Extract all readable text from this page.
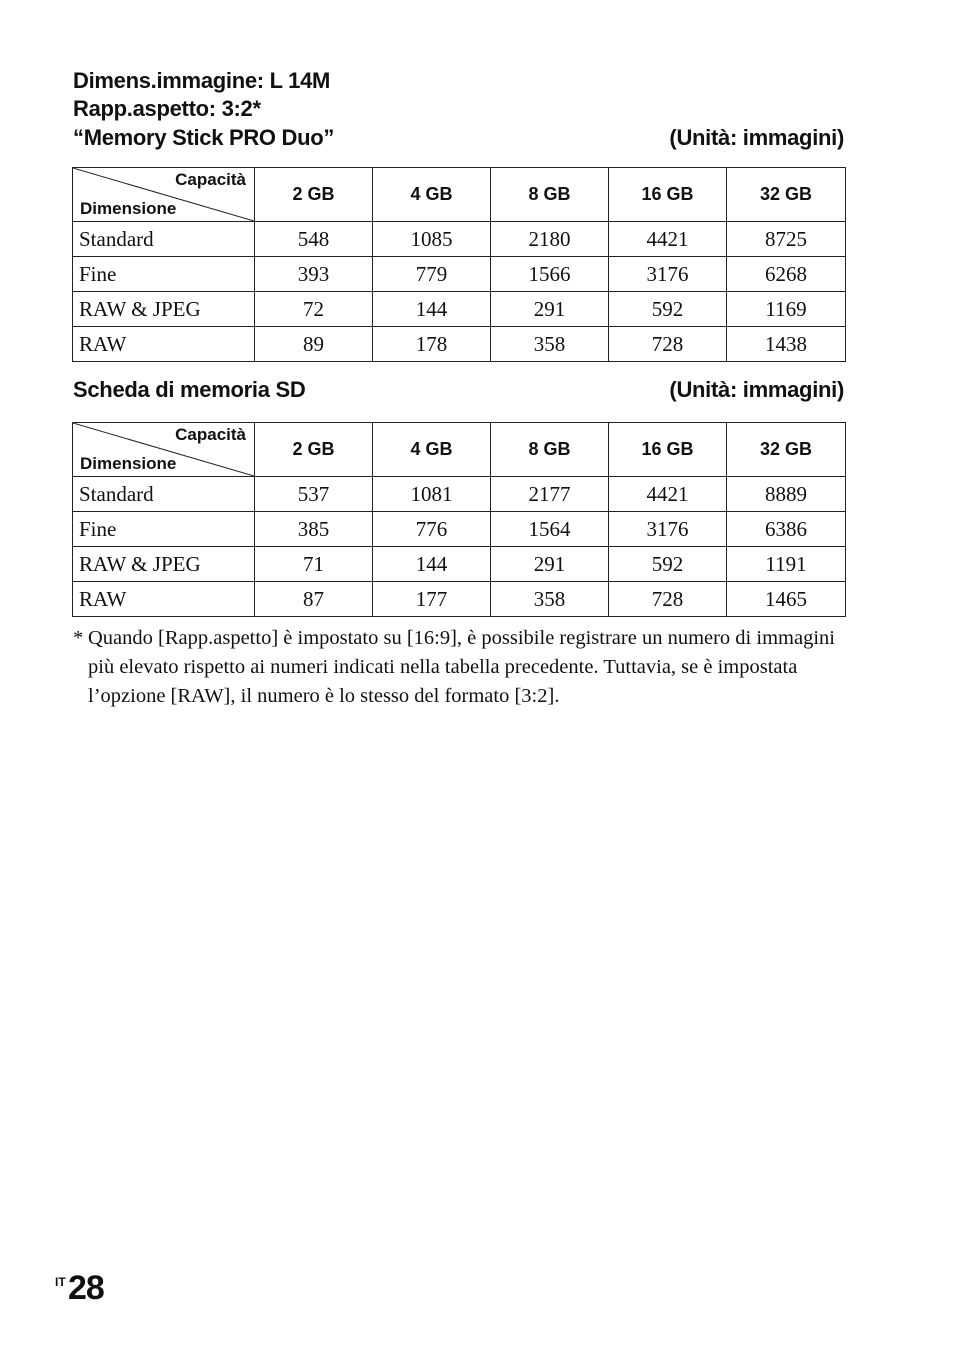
Dimens.immagine: L 14M
Rapp.aspetto: 3:2*
“Memory Stick PRO Duo”	(Unità: immagini)
Capacità
Dimensione	2 GB	4 GB	8 GB	16 GB	32 GB
Standard	548	1085	2180	4421	8725
Fine	393	779	1566	3176	6268
RAW & JPEG	72	144	291	592	1169
RAW	89	178	358	728	1438
Scheda di memoria SD	(Unità: immagini)
Capacità
Dimensione	2 GB	4 GB	8 GB	16 GB	32 GB
Standard	537	1081	2177	4421	8889
Fine	385	776	1564	3176	6386
RAW & JPEG	71	144	291	592	1191
RAW	87	177	358	728	1465
* Quando [Rapp.aspetto] è impostato su [16:9], è possibile registrare un numero di immagini più elevato rispetto ai numeri indicati nella tabella precedente. Tuttavia, se è impostata l’opzione [RAW], il numero è lo stesso del formato [3:2].
IT 28
